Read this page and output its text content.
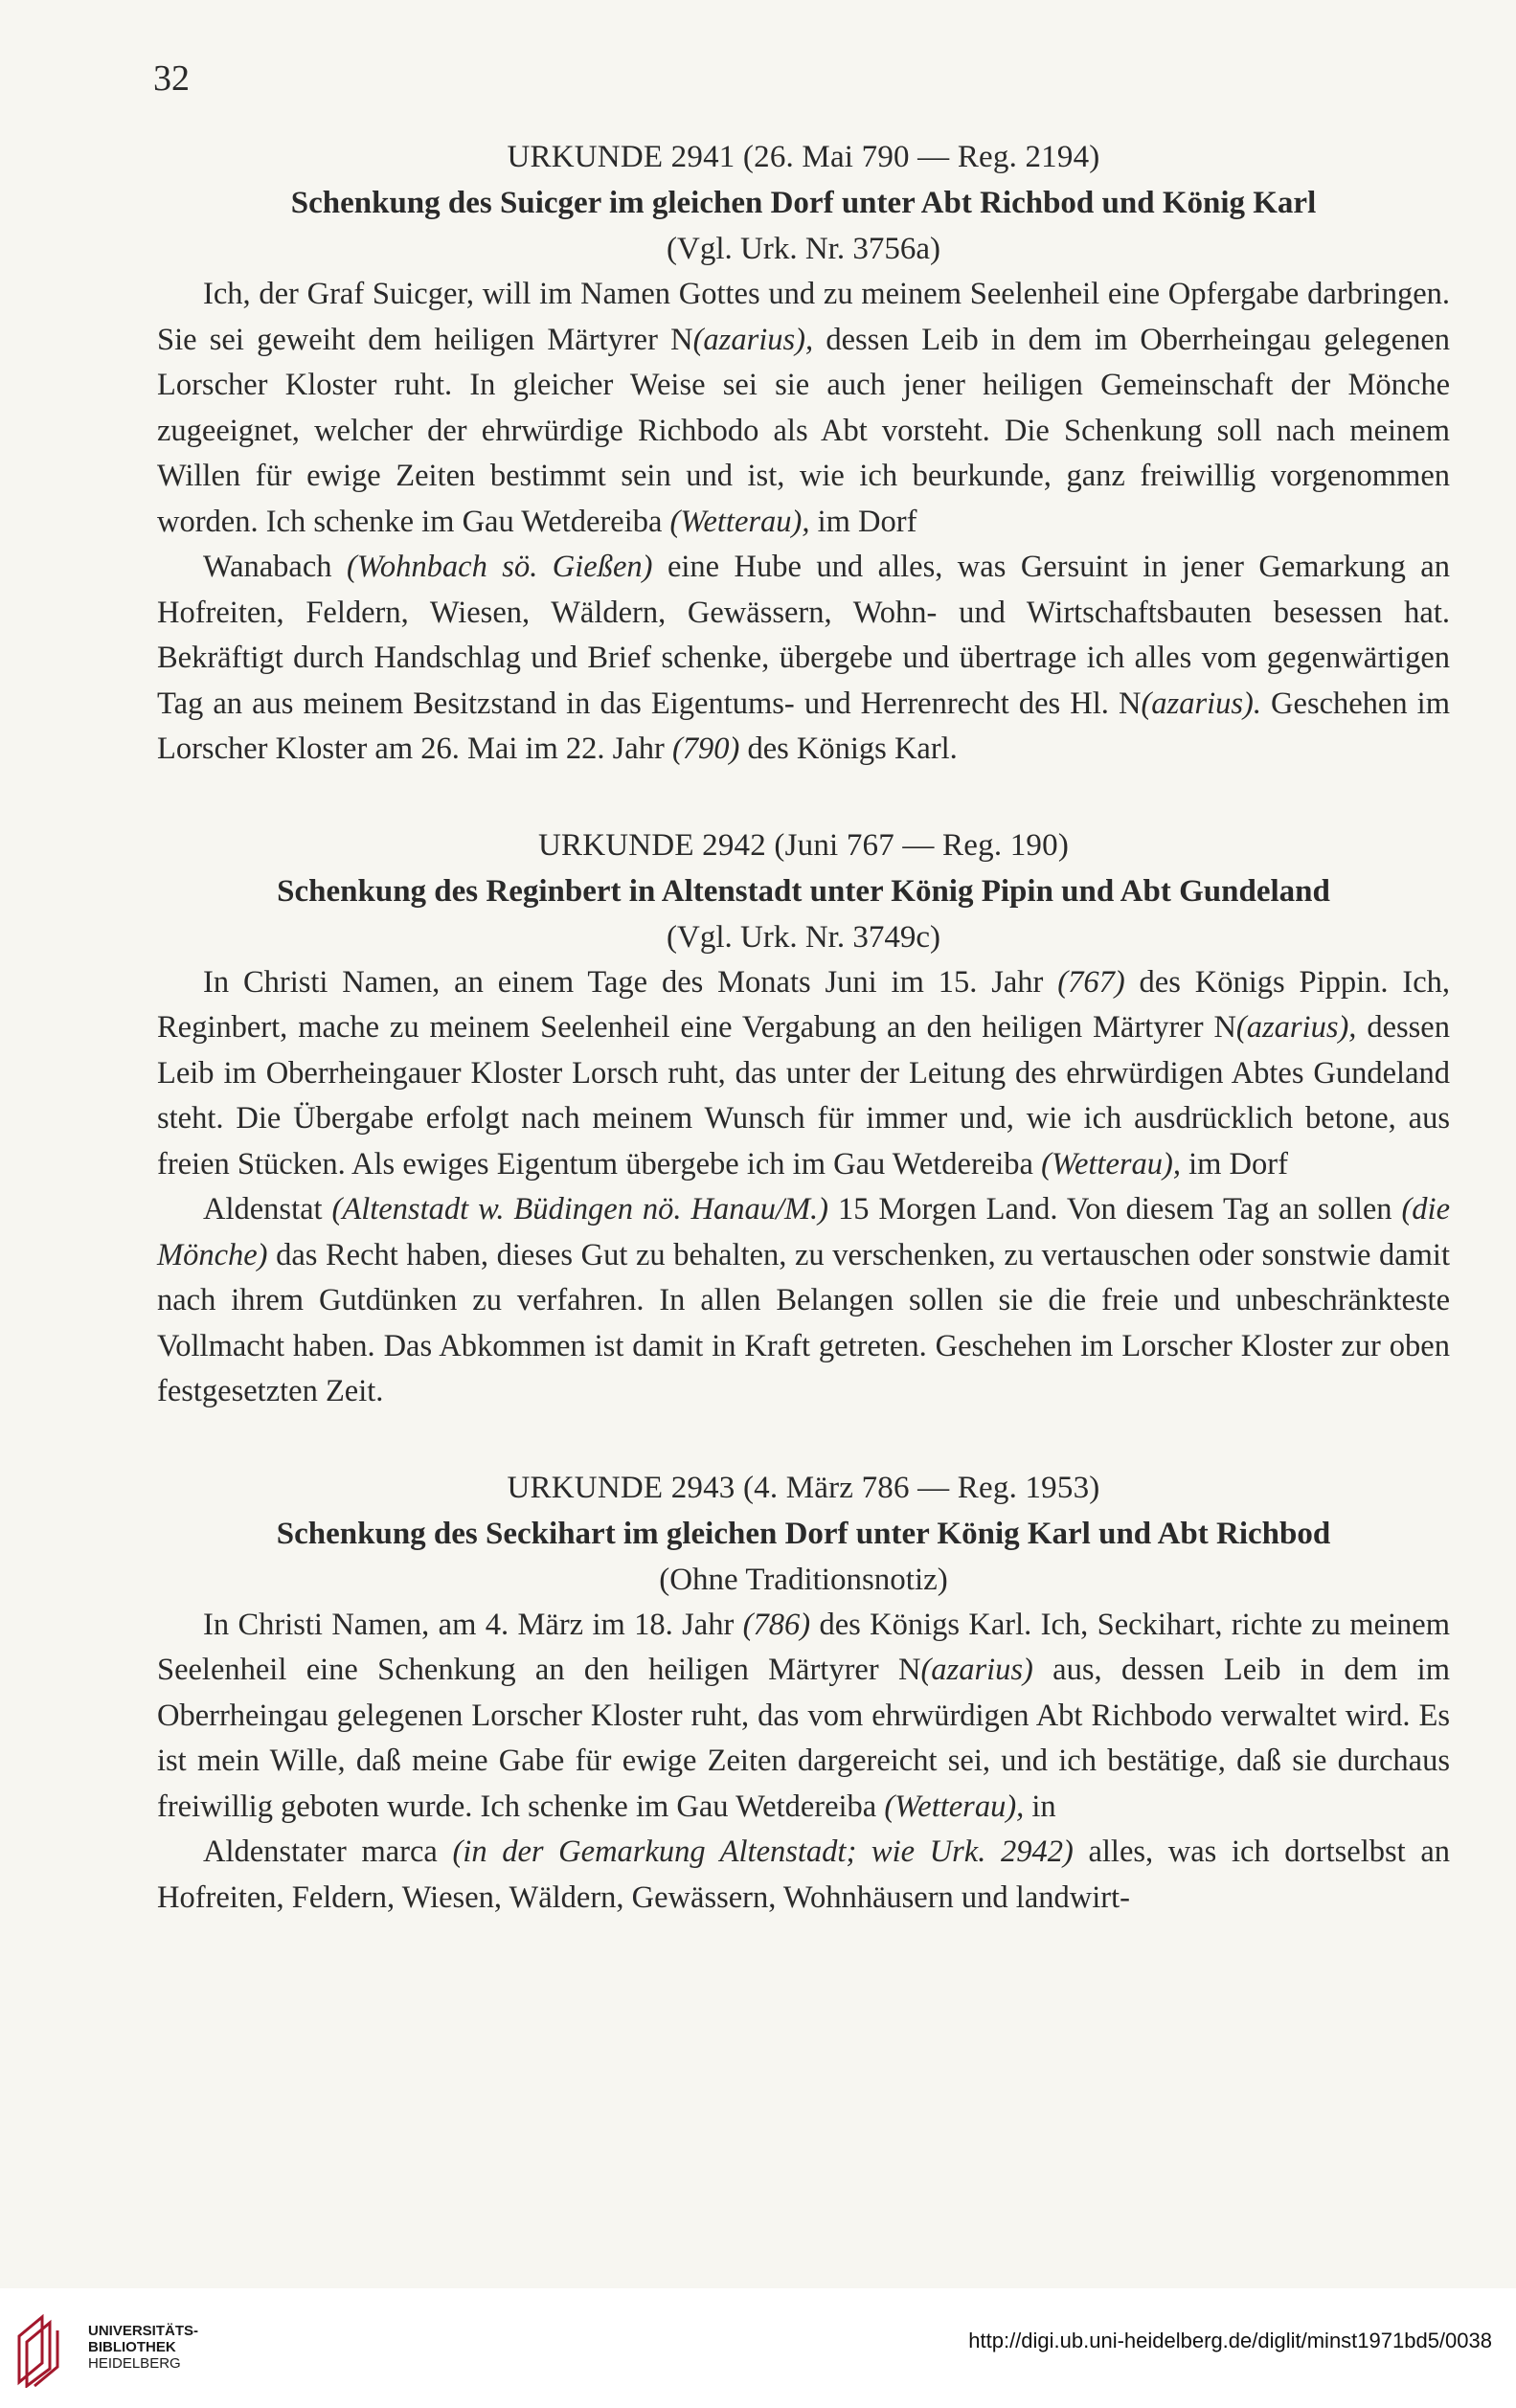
32
URKUNDE 2941 (26. Mai 790 — Reg. 2194)
Schenkung des Suicger im gleichen Dorf unter Abt Richbod und König Karl
(Vgl. Urk. Nr. 3756a)

Ich, der Graf Suicger, will im Namen Gottes und zu meinem Seelenheil eine Opfergabe darbringen. Sie sei geweiht dem heiligen Märtyrer N(azarius), dessen Leib in dem im Oberrheingau gelegenen Lorscher Kloster ruht. In gleicher Weise sei sie auch jener heiligen Gemeinschaft der Mönche zugeeignet, welcher der ehrwürdige Richbodo als Abt vorsteht. Die Schenkung soll nach meinem Willen für ewige Zeiten bestimmt sein und ist, wie ich beurkunde, ganz freiwillig vorgenommen worden. Ich schenke im Gau Wetdereiba (Wetterau), im Dorf

Wanabach (Wohnbach sö. Gießen) eine Hube und alles, was Gersuint in jener Gemarkung an Hofreiten, Feldern, Wiesen, Wäldern, Gewässern, Wohn- und Wirtschaftsbauten besessen hat. Bekräftigt durch Handschlag und Brief schenke, übergebe und übertrage ich alles vom gegenwärtigen Tag an aus meinem Besitzstand in das Eigentums- und Herrenrecht des Hl. N(azarius). Geschehen im Lorscher Kloster am 26. Mai im 22. Jahr (790) des Königs Karl.

URKUNDE 2942 (Juni 767 — Reg. 190)
Schenkung des Reginbert in Altenstadt unter König Pipin und Abt Gundeland
(Vgl. Urk. Nr. 3749c)

In Christi Namen, an einem Tage des Monats Juni im 15. Jahr (767) des Königs Pippin. Ich, Reginbert, mache zu meinem Seelenheil eine Vergabung an den heiligen Märtyrer N(azarius), dessen Leib im Oberrheingauer Kloster Lorsch ruht, das unter der Leitung des ehrwürdigen Abtes Gundeland steht. Die Übergabe erfolgt nach meinem Wunsch für immer und, wie ich ausdrücklich betone, aus freien Stücken. Als ewiges Eigentum übergebe ich im Gau Wetdereiba (Wetterau), im Dorf

Aldenstat (Altenstadt w. Büdingen nö. Hanau/M.) 15 Morgen Land. Von diesem Tag an sollen (die Mönche) das Recht haben, dieses Gut zu behalten, zu verschenken, zu vertauschen oder sonstwie damit nach ihrem Gutdünken zu verfahren. In allen Belangen sollen sie die freie und unbeschränkteste Vollmacht haben. Das Abkommen ist damit in Kraft getreten. Geschehen im Lorscher Kloster zur oben festgesetzten Zeit.

URKUNDE 2943 (4. März 786 — Reg. 1953)
Schenkung des Seckihart im gleichen Dorf unter König Karl und Abt Richbod
(Ohne Traditionsnotiz)

In Christi Namen, am 4. März im 18. Jahr (786) des Königs Karl. Ich, Seckihart, richte zu meinem Seelenheil eine Schenkung an den heiligen Märtyrer N(azarius) aus, dessen Leib in dem im Oberrheingau gelegenen Lorscher Kloster ruht, das vom ehrwürdigen Abt Richbodo verwaltet wird. Es ist mein Wille, daß meine Gabe für ewige Zeiten dargereicht sei, und ich bestätige, daß sie durchaus freiwillig geboten wurde. Ich schenke im Gau Wetdereiba (Wetterau), in

Aldenstater marca (in der Gemarkung Altenstadt; wie Urk. 2942) alles, was ich dortselbst an Hofreiten, Feldern, Wiesen, Wäldern, Gewässern, Wohnhäusern und landwirt-

UNIVERSITÄTS-
BIBLIOTHEK
HEIDELBERG
http://digi.ub.uni-heidelberg.de/diglit/minst1971bd5/0038
